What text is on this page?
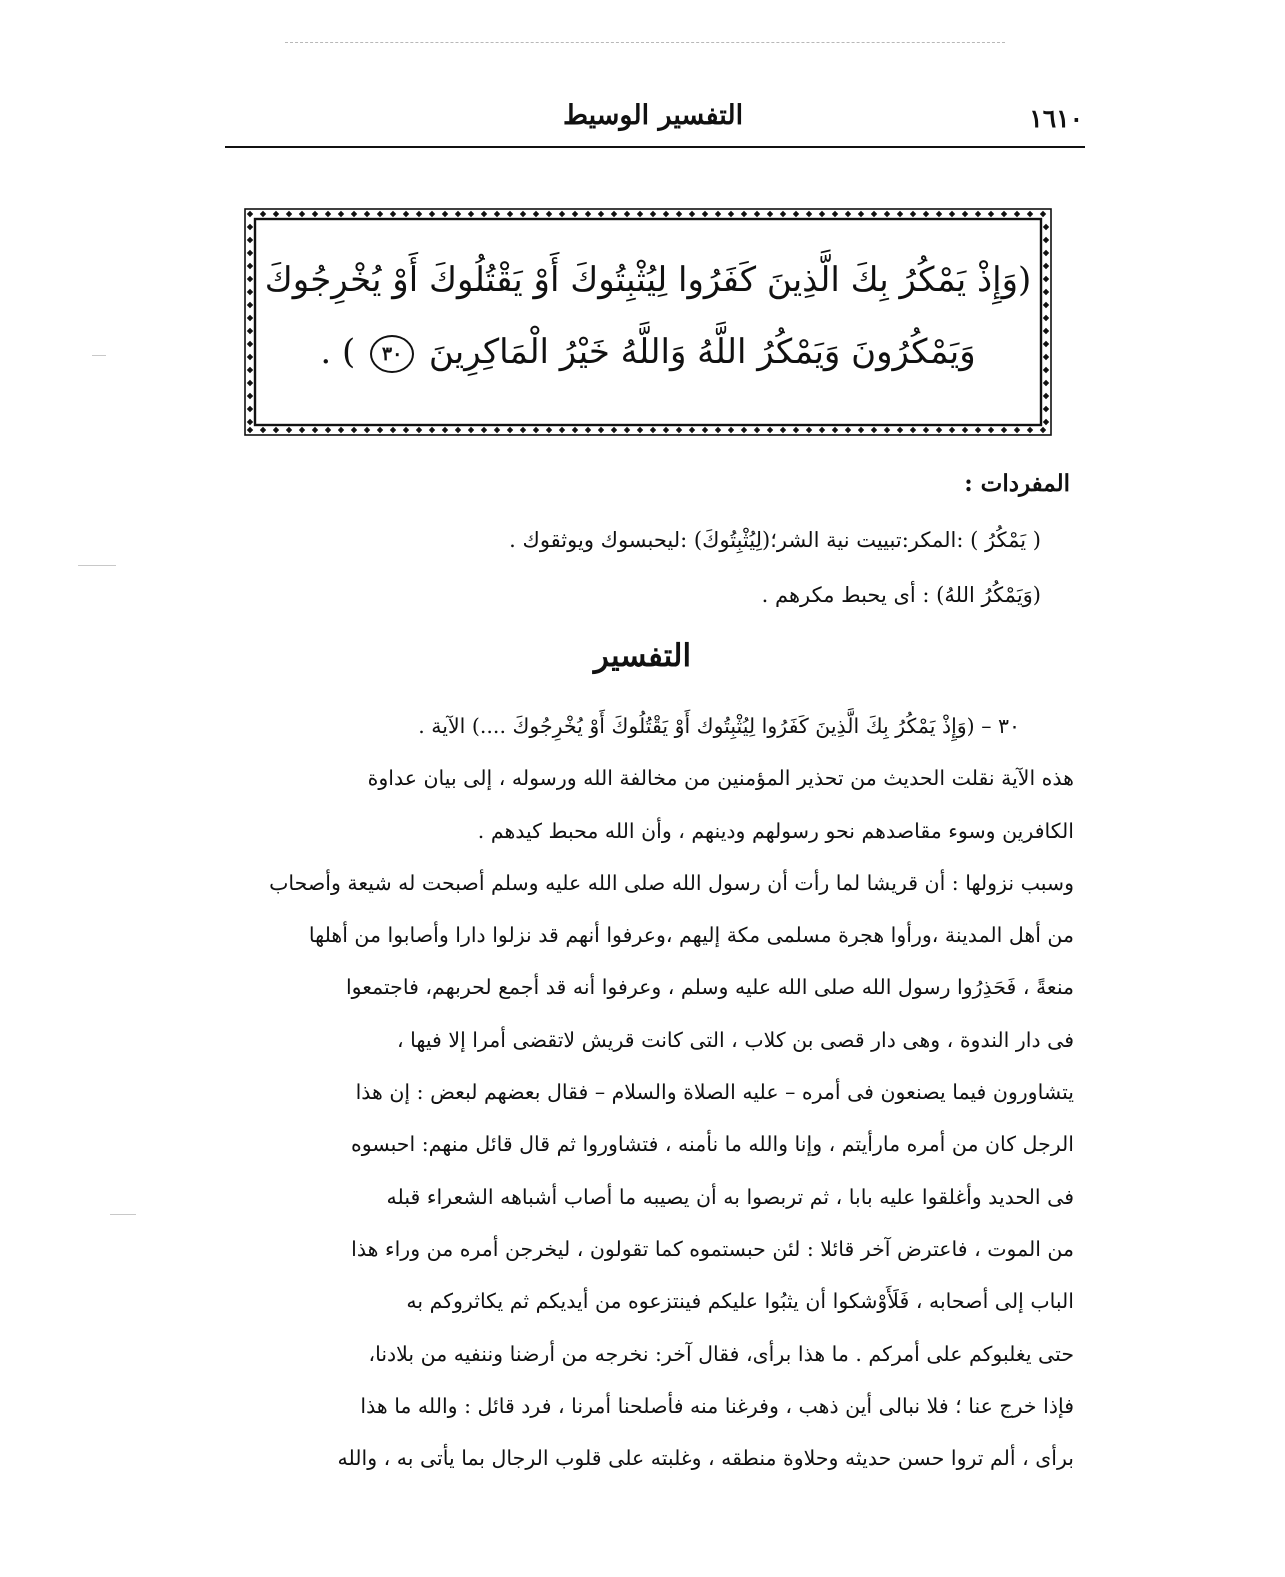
١٦١٠
التفسير الوسيط
(وَإِذْ يَمْكُرُ بِكَ الَّذِينَ كَفَرُوا لِيُثْبِتُوكَ أَوْ يَقْتُلُوكَ أَوْ يُخْرِجُوكَ
وَيَمْكُرُونَ وَيَمْكُرُ اللَّهُ وَاللَّهُ خَيْرُ الْمَاكِرِينَ ٣٠ ) .
المفردات :
( يَمْكُرُ ) :المكر:تبييت نية الشر؛(لِيُثْبِتُوكَ) :ليحبسوك ويوثقوك .
(وَيَمْكُرُ اللهُ) : أى يحبط مكرهم .
التفسير

٣٠ – (وَإِذْ يَمْكُرُ بِكَ الَّذِينَ كَفَرُوا لِيُثْبِتُوك أَوْ يَقْتُلُوكَ أَوْ يُخْرِجُوكَ ....) الآية .

هذه الآية نقلت الحديث من تحذير المؤمنين من مخالفة الله ورسوله ، إلى بيان عداوة

الكافرين وسوء مقاصدهم نحو رسولهم ودينهم ، وأن الله محبط كيدهم .

وسبب نزولها : أن قريشا لما رأت أن رسول الله صلى الله عليه وسلم أصبحت له شيعة وأصحاب

من أهل المدينة ،ورأوا هجرة مسلمى مكة إليهم ،وعرفوا أنهم قد نزلوا دارا وأصابوا من أهلها

منعةً ، فَحَذِرُوا رسول الله صلى الله عليه وسلم ، وعرفوا أنه قد أجمع لحربهم، فاجتمعوا

فى دار الندوة ، وهى دار قصى بن كلاب ، التى كانت قريش لاتقضى أمرا إلا فيها ،

يتشاورون فيما يصنعون فى أمره – عليه الصلاة والسلام – فقال بعضهم لبعض : إن هذا

الرجل كان من أمره مارأيتم ، وإنا والله ما نأمنه ، فتشاوروا ثم قال قائل منهم: احبسوه

فى الحديد وأغلقوا عليه بابا ، ثم تربصوا به أن يصيبه ما أصاب أشباهه الشعراء قبله

من الموت ، فاعترض آخر قائلا : لئن حبستموه كما تقولون ، ليخرجن أمره من وراء هذا

الباب إلى أصحابه ، فَلَأَوْشكوا أن يثبُوا عليكم فينتزعوه من أيديكم ثم يكاثروكم به

حتى يغلبوكم على أمركم . ما هذا برأى، فقال آخر: نخرجه من أرضنا وننفيه من بلادنا،

فإذا خرج عنا ؛ فلا نبالى أين ذهب ، وفرغنا منه فأصلحنا أمرنا ، فرد قائل : والله ما هذا

برأى ، ألم تروا حسن حديثه وحلاوة منطقه ، وغلبته على قلوب الرجال بما يأتى به ، والله
